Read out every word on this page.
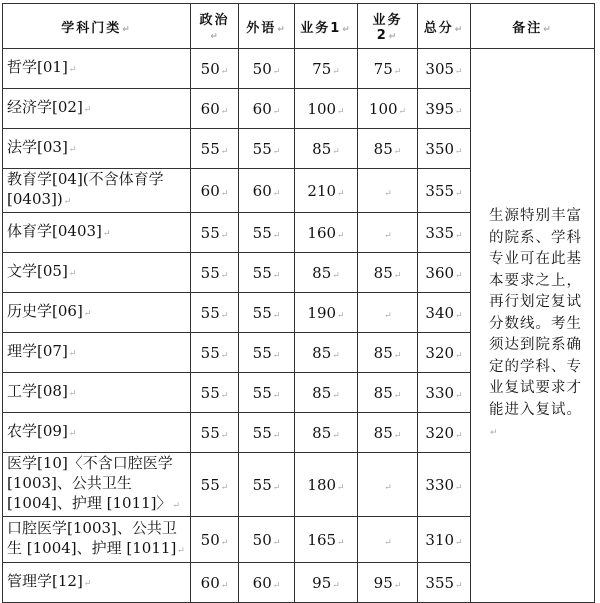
学科门类 ↵	政治 ↵	外语 ↵	业务1 ↵	业务2 ↵	总分 ↵	备注 ↵
哲学[01] ↵	50 ↵	50 ↵	75 ↵	75 ↵	305 ↵	生源特别丰富的院系、学科专业可在此基本要求之上，再行划定复试分数线。考生须达到院系确定的学科、专业复试要求才能进入复试。 ↵
经济学[02] ↵	60 ↵	60 ↵	100 ↵	100 ↵	395 ↵
法学[03] ↵	55 ↵	55 ↵	85 ↵	85 ↵	350 ↵
教育学[04](不含体育学[0403]) ↵	60 ↵	60 ↵	210 ↵	↵	355 ↵
体育学[0403] ↵	55 ↵	55 ↵	160 ↵	↵	335 ↵
文学[05] ↵	55 ↵	55 ↵	85 ↵	85 ↵	360 ↵
历史学[06] ↵	55 ↵	55 ↵	190 ↵	↵	340 ↵
理学[07] ↵	55 ↵	55 ↵	85 ↵	85 ↵	320 ↵
工学[08] ↵	55 ↵	55 ↵	85 ↵	85 ↵	330 ↵
农学[09] ↵	55 ↵	55 ↵	85 ↵	85 ↵	320 ↵
医学[10]〈不含口腔医学[1003]、公共卫生[1004]、护理 [1011]〉 ↵	55 ↵	55 ↵	180 ↵	↵	330 ↵
口腔医学[1003]、公共卫生 [1004]、护理 [1011] ↵	50 ↵	50 ↵	165 ↵	↵	310 ↵
管理学[12] ↵	60 ↵	60 ↵	95 ↵	95 ↵	355 ↵
